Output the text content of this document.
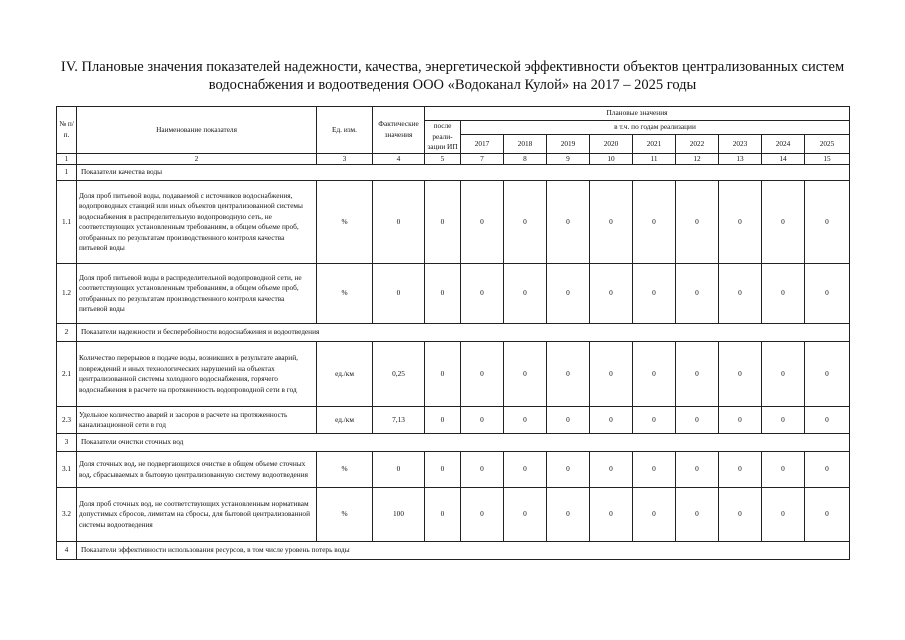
IV. Плановые значения показателей надежности, качества, энергетической эффективности объектов централизованных систем
водоснабжения и водоотведения ООО «Водоканал Кулой» на 2017 – 2025 годы
№ п/п.	Наименование показателя	Ед. изм.	Фактические значения	Плановые значения									
				после реали-зации ИП	в т.ч. по годам реализации								
					2017	2018	2019	2020	2021	2022	2023	2024	2025
1	2	3	4	5	7	8	9	10	11	12	13	14	15
1	Показатели качества воды												
1.1	Доля проб питьевой воды, подаваемой с источников водоснабжения, водопроводных станций или иных объектов централизованной системы водоснабжения в распределительную водопроводную сеть, не соответствующих установленным требованиям, в общем объеме проб, отобранных по результатам производственного контроля качества питьевой воды	%	0	0	0	0	0	0	0	0	0	0	0
1.2	Доля проб питьевой воды в распределительной водопроводной сети, не соответствующих установленным требованиям, в общем объеме проб, отобранных по результатам производственного контроля качества питьевой воды	%	0	0	0	0	0	0	0	0	0	0	0
2	Показатели надежности и бесперебойности водоснабжения и водоотведения												
2.1	Количество перерывов в подаче воды, возникших в результате аварий, повреждений и иных технологических нарушений на объектах централизованной системы холодного водоснабжения, горячего водоснабжения в расчете на протяженность водопроводной сети в год	ед./км	0,25	0	0	0	0	0	0	0	0	0	0
2.3	Удельное количество аварий и засоров в расчете на протяженность канализационной сети в год	ед./км	7,13	0	0	0	0	0	0	0	0	0	0
3	Показатели очистки сточных вод												
3.1	Доля сточных вод, не подвергающихся очистке в общем объеме сточных вод, сбрасываемых в бытовую централизованную систему водоотведения	%	0	0	0	0	0	0	0	0	0	0	0
3.2	Доля проб сточных вод, не соответствующих установленным нормативам допустимых сбросов, лимитам на сбросы, для бытовой централизованной системы водоотведения	%	100	0	0	0	0	0	0	0	0	0	0
4	Показатели эффективности использования ресурсов, в том числе уровень потерь воды												
